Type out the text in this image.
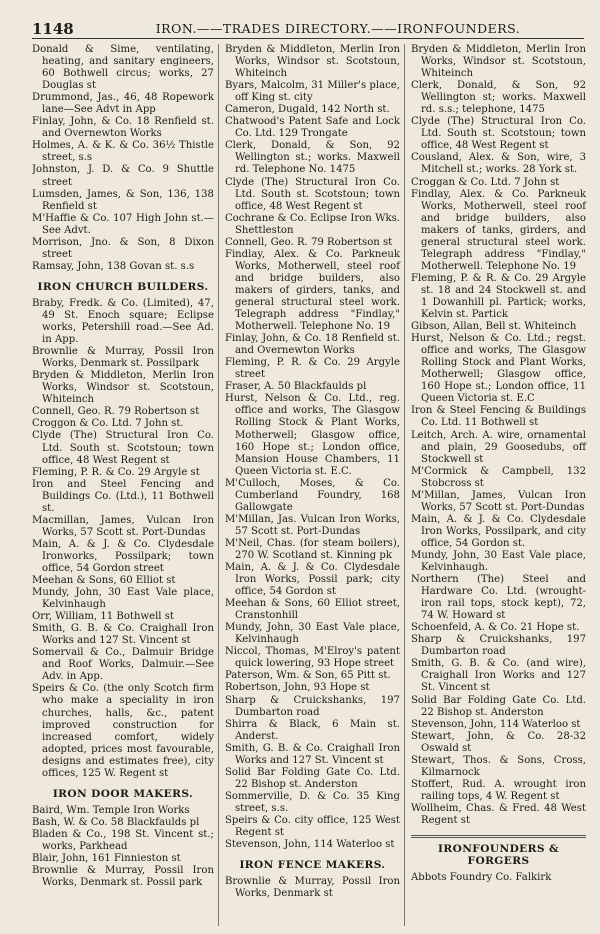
1148	IRON.——TRADES DIRECTORY.——IRONFOUNDERS.
Donald & Sime, ventilating, heating, and sanitary engineers, 60 Bothwell circus; works, 27 Douglas st
Drummond, Jas., 46, 48 Ropework lane—See Advt in App
Finlay, John, & Co. 18 Renfield st. and Overnewton Works
Holmes, A. & K. & Co. 36½ Thistle street, s.s
Johnston, J. D. & Co. 9 Shuttle street
Lumsden, James, & Son, 136, 138 Renfield st
M'Haffie & Co. 107 High John st.—See Advt.
Morrison, Jno. & Son, 8 Dixon street
Ramsay, John, 138 Govan st. s.s
IRON CHURCH BUILDERS.
Braby, Fredk. & Co. (Limited), 47, 49 St. Enoch square; Eclipse works, Petershill road.—See Ad. in App.
Brownlie & Murray, Possil Iron Works, Denmark st. Possilpark
Bryden & Middleton, Merlin Iron Works, Windsor st. Scotstoun, Whiteinch
Connell, Geo. R. 79 Robertson st
Croggon & Co. Ltd. 7 John st.
Clyde (The) Structural Iron Co. Ltd. South st. Scotstoun; town office, 48 West Regent st
Fleming, P. R. & Co. 29 Argyle st
Iron and Steel Fencing and Buildings Co. (Ltd.), 11 Bothwell st.
Macmillan, James, Vulcan Iron Works, 57 Scott st. Port-Dundas
Main, A. & J. & Co. Clydesdale Ironworks, Possilpark; town office, 54 Gordon street
Meehan & Sons, 60 Elliot st
Mundy, John, 30 East Vale place, Kelvinhaugh
Orr, William, 11 Bothwell st
Smith, G. B. & Co. Craighall Iron Works and 127 St. Vincent st
Somervail & Co., Dalmuir Bridge and Roof Works, Dalmuir.—See Adv. in App.
Speirs & Co. (the only Scotch firm who make a speciality in iron churches, halls, &c., patent improved construction for increased comfort, widely adopted, prices most favourable, designs and estimates free), city offices, 125 W. Regent st
IRON DOOR MAKERS.
Baird, Wm. Temple Iron Works
Bash, W. & Co. 58 Blackfaulds pl
Bladen & Co., 198 St. Vincent st.; works, Parkhead
Blair, John, 161 Finnieston st
Brownlie & Murray, Possil Iron Works, Denmark st. Possil park
Bryden & Middleton, Merlin Iron Works, Windsor st. Scotstoun, Whiteinch
Byars, Malcolm, 31 Miller's place, off King st. city
Cameron, Dugald, 142 North st.
Chatwood's Patent Safe and Lock Co. Ltd. 129 Trongate
Clerk, Donald, & Son, 92 Wellington st.; works. Maxwell rd. Telephone No. 1475
Clyde (The) Structural Iron Co. Ltd. South st. Scotstoun; town office, 48 West Regent st
Cochrane & Co. Eclipse Iron Wks. Shettleston
Connell, Geo. R. 79 Robertson st
Findlay, Alex. & Co. Parkneuk Works, Motherwell, steel roof and bridge builders, also makers of girders, tanks, and general structural steel work. Telegraph address "Findlay," Motherwell. Telephone No. 19
Finlay, John, & Co. 18 Renfield st. and Overnewton Works
Fleming, P. R. & Co. 29 Argyle street
Fraser, A. 50 Blackfaulds pl
Hurst, Nelson & Co. Ltd., reg. office and works, The Glasgow Rolling Stock & Plant Works, Motherwell; Glasgow office, 160 Hope st.; London office, Mansion House Chambers, 11 Queen Victoria st. E.C.
M'Culloch, Moses, & Co. Cumberland Foundry, 168 Gallowgate
M'Millan, Jas. Vulcan Iron Works, 57 Scott st. Port-Dundas
M'Neil, Chas. (for steam boilers), 270 W. Scotland st. Kinning pk
Main, A. & J. & Co. Clydesdale Iron Works, Possil park; city office, 54 Gordon st
Meehan & Sons, 60 Elliot street, Cranstonhill
Mundy, John, 30 East Vale place, Kelvinhaugh
Niccol, Thomas, M'Elroy's patent quick lowering, 93 Hope street
Paterson, Wm. & Son, 65 Pitt st.
Robertson, John, 93 Hope st
Sharp & Cruickshanks, 197 Dumbarton road
Shirra & Black, 6 Main st. Anderst.
Smith, G. B. & Co. Craighall Iron Works and 127 St. Vincent st
Solid Bar Folding Gate Co. Ltd. 22 Bishop st. Anderston
Sommerville, D. & Co. 35 King street, s.s.
Speirs & Co. city office, 125 West Regent st
Stevenson, John, 114 Waterloo st
IRON FENCE MAKERS.
Brownlie & Murray, Possil Iron Works, Denmark st
Bryden & Middleton, Merlin Iron Works, Windsor st. Scotstoun, Whiteinch
Clerk, Donald, & Son, 92 Wellington st; works. Maxwell rd. s.s.; telephone, 1475
Clyde (The) Structural Iron Co. Ltd. South st. Scotstoun; town office, 48 West Regent st
Cousland, Alex. & Son, wire, 3 Mitchell st.; works. 28 York st.
Croggan & Co. Ltd. 7 John st
Findlay, Alex. & Co. Parkneuk Works, Motherwell, steel roof and bridge builders, also makers of tanks, girders, and general structural steel work. Telegraph address "Findlay," Motherwell. Telephone No. 19
Fleming, P. & R. & Co. 29 Argyle st. 18 and 24 Stockwell st. and 1 Dowanhill pl. Partick; works, Kelvin st. Partick
Gibson, Allan, Bell st. Whiteinch
Hurst, Nelson & Co. Ltd.; regst. office and works, The Glasgow Rolling Stock and Plant Works, Motherwell; Glasgow office, 160 Hope st.; London office, 11 Queen Victoria st. E.C
Iron & Steel Fencing & Buildings Co. Ltd. 11 Bothwell st
Leitch, Arch. A. wire, ornamental and plain, 29 Goosedubs, off Stockwell st
M'Cormick & Campbell, 132 Stobcross st
M'Millan, James, Vulcan Iron Works, 57 Scott st. Port-Dundas
Main, A. & J. & Co. Clydesdale Iron Works, Possilpark, and city office, 54 Gordon st.
Mundy, John, 30 East Vale place, Kelvinhaugh.
Northern (The) Steel and Hardware Co. Ltd. (wrought-iron rail tops, stock kept), 72, 74 W. Howard st
Schoenfeld, A. & Co. 21 Hope st.
Sharp & Cruickshanks, 197 Dumbarton road
Smith, G. B. & Co. (and wire), Craighall Iron Works and 127 St. Vincent st
Solid Bar Folding Gate Co. Ltd. 22 Bishop st. Anderston
Stevenson, John, 114 Waterloo st
Stewart, John, & Co. 28-32 Oswald st
Stewart, Thos. & Sons, Cross, Kilmarnock
Stoffert, Rud. A. wrought iron railing tops, 4 W. Regent st
Wollheim, Chas. & Fred. 48 West Regent st
IRONFOUNDERS & FORGERS
Abbots Foundry Co. Falkirk
